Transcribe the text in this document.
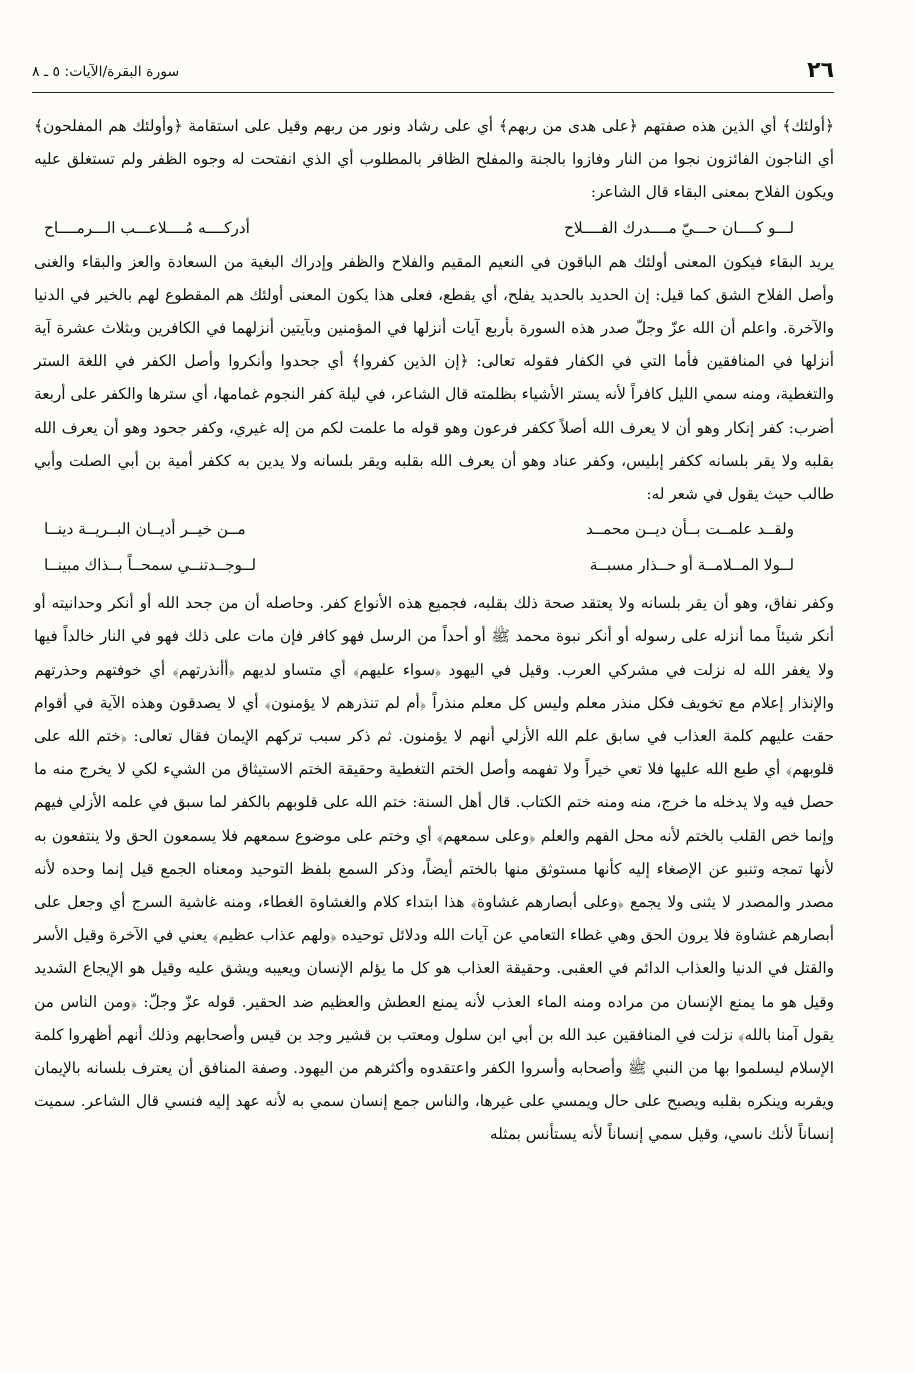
٢٦
سورة البقرة/الآيات: ٥ ـ ٨

﴿أولئك﴾ أي الذين هذه صفتهم ﴿على هدى من ربهم﴾ أي على رشاد ونور من ربهم وقيل على استقامة ﴿وأولئك هم المفلحون﴾ أي الناجون الفائزون نجوا من النار وفازوا بالجنة والمفلح الظافر بالمطلوب أي الذي انفتحت له وجوه الظفر ولم تستغلق عليه ويكون الفلاح بمعنى البقاء قال الشاعر:

لـــو كــــان حـــيّ مــــدرك الفــــلاح
أدركــــه مُــــلاعـــب الـــرمــــاح

يريد البقاء فيكون المعنى أولئك هم الباقون في النعيم المقيم والفلاح والظفر وإدراك البغية من السعادة والعز والبقاء والغنى وأصل الفلاح الشق كما قيل: إن الحديد بالحديد يفلح، أي يقطع، فعلى هذا يكون المعنى أولئك هم المقطوع لهم بالخير في الدنيا والآخرة. واعلم أن الله عزّ وجلّ صدر هذه السورة بأربع آيات أنزلها في المؤمنين وبآيتين أنزلهما في الكافرين وبثلاث عشرة آية أنزلها في المنافقين فأما التي في الكفار فقوله تعالى: ﴿إن الذين كفروا﴾ أي جحدوا وأنكروا وأصل الكفر في اللغة الستر والتغطية، ومنه سمي الليل كافراً لأنه يستر الأشياء بظلمته قال الشاعر، في ليلة كفر النجوم غمامها، أي سترها والكفر على أربعة أضرب: كفر إنكار وهو أن لا يعرف الله أصلاً ككفر فرعون وهو قوله ما علمت لكم من إله غيري، وكفر جحود وهو أن يعرف الله بقلبه ولا يقر بلسانه ككفر إبليس، وكفر عناد وهو أن يعرف الله بقلبه ويقر بلسانه ولا يدين به ككفر أمية بن أبي الصلت وأبي طالب حيث يقول في شعر له:

ولقــد علمــت بــأن ديــن محمــد
مــن خيــر أديــان البــريــة دينــا
لــولا المــلامــة أو حــذار مسبــة
لــوجــدتنــي سمحــاً بــذاك مبينــا

وكفر نفاق، وهو أن يقر بلسانه ولا يعتقد صحة ذلك بقلبه، فجميع هذه الأنواع كفر. وحاصله أن من جحد الله أو أنكر وحدانيته أو أنكر شيئاً مما أنزله على رسوله أو أنكر نبوة محمد ﷺ أو أحداً من الرسل فهو كافر فإن مات على ذلك فهو في النار خالداً فيها ولا يغفر الله له نزلت في مشركي العرب. وقيل في اليهود ﴿سواء عليهم﴾ أي متساو لديهم ﴿أأنذرتهم﴾ أي خوفتهم وحذرتهم والإنذار إعلام مع تخويف فكل منذر معلم وليس كل معلم منذراً ﴿أم لم تنذرهم لا يؤمنون﴾ أي لا يصدقون وهذه الآية في أقوام حقت عليهم كلمة العذاب في سابق علم الله الأزلي أنهم لا يؤمنون. ثم ذكر سبب تركهم الإيمان فقال تعالى: ﴿ختم الله على قلوبهم﴾ أي طبع الله عليها فلا تعي خيراً ولا تفهمه وأصل الختم التغطية وحقيقة الختم الاستيثاق من الشيء لكي لا يخرج منه ما حصل فيه ولا يدخله ما خرج، منه ومنه ختم الكتاب. قال أهل السنة: ختم الله على قلوبهم بالكفر لما سبق في علمه الأزلي فيهم وإنما خص القلب بالختم لأنه محل الفهم والعلم ﴿وعلى سمعهم﴾ أي وختم على موضوع سمعهم فلا يسمعون الحق ولا ينتفعون به لأنها تمجه وتنبو عن الإصغاء إليه كأنها مستوثق منها بالختم أيضاً، وذكر السمع بلفظ التوحيد ومعناه الجمع قيل إنما وحده لأنه مصدر والمصدر لا يثنى ولا يجمع ﴿وعلى أبصارهم غشاوة﴾ هذا ابتداء كلام والغشاوة الغطاء، ومنه غاشية السرج أي وجعل على أبصارهم غشاوة فلا يرون الحق وهي غطاء التعامي عن آيات الله ودلائل توحيده ﴿ولهم عذاب عظيم﴾ يعني في الآخرة وقيل الأسر والقتل في الدنيا والعذاب الدائم في العقبى. وحقيقة العذاب هو كل ما يؤلم الإنسان ويعيبه ويشق عليه وقيل هو الإيجاع الشديد وقيل هو ما يمنع الإنسان من مراده ومنه الماء العذب لأنه يمنع العطش والعظيم ضد الحقير. قوله عزّ وجلّ: ﴿ومن الناس من يقول آمنا بالله﴾ نزلت في المنافقين عبد الله بن أبي ابن سلول ومعتب بن قشير وجد بن قيس وأصحابهم وذلك أنهم أظهروا كلمة الإسلام ليسلموا بها من النبي ﷺ وأصحابه وأسروا الكفر واعتقدوه وأكثرهم من اليهود. وصفة المنافق أن يعترف بلسانه بالإيمان ويقربه وينكره بقلبه ويصبح على حال ويمسي على غيرها، والناس جمع إنسان سمي به لأنه عهد إليه فنسي قال الشاعر. سميت إنساناً لأنك ناسي، وقيل سمي إنساناً لأنه يستأنس بمثله
